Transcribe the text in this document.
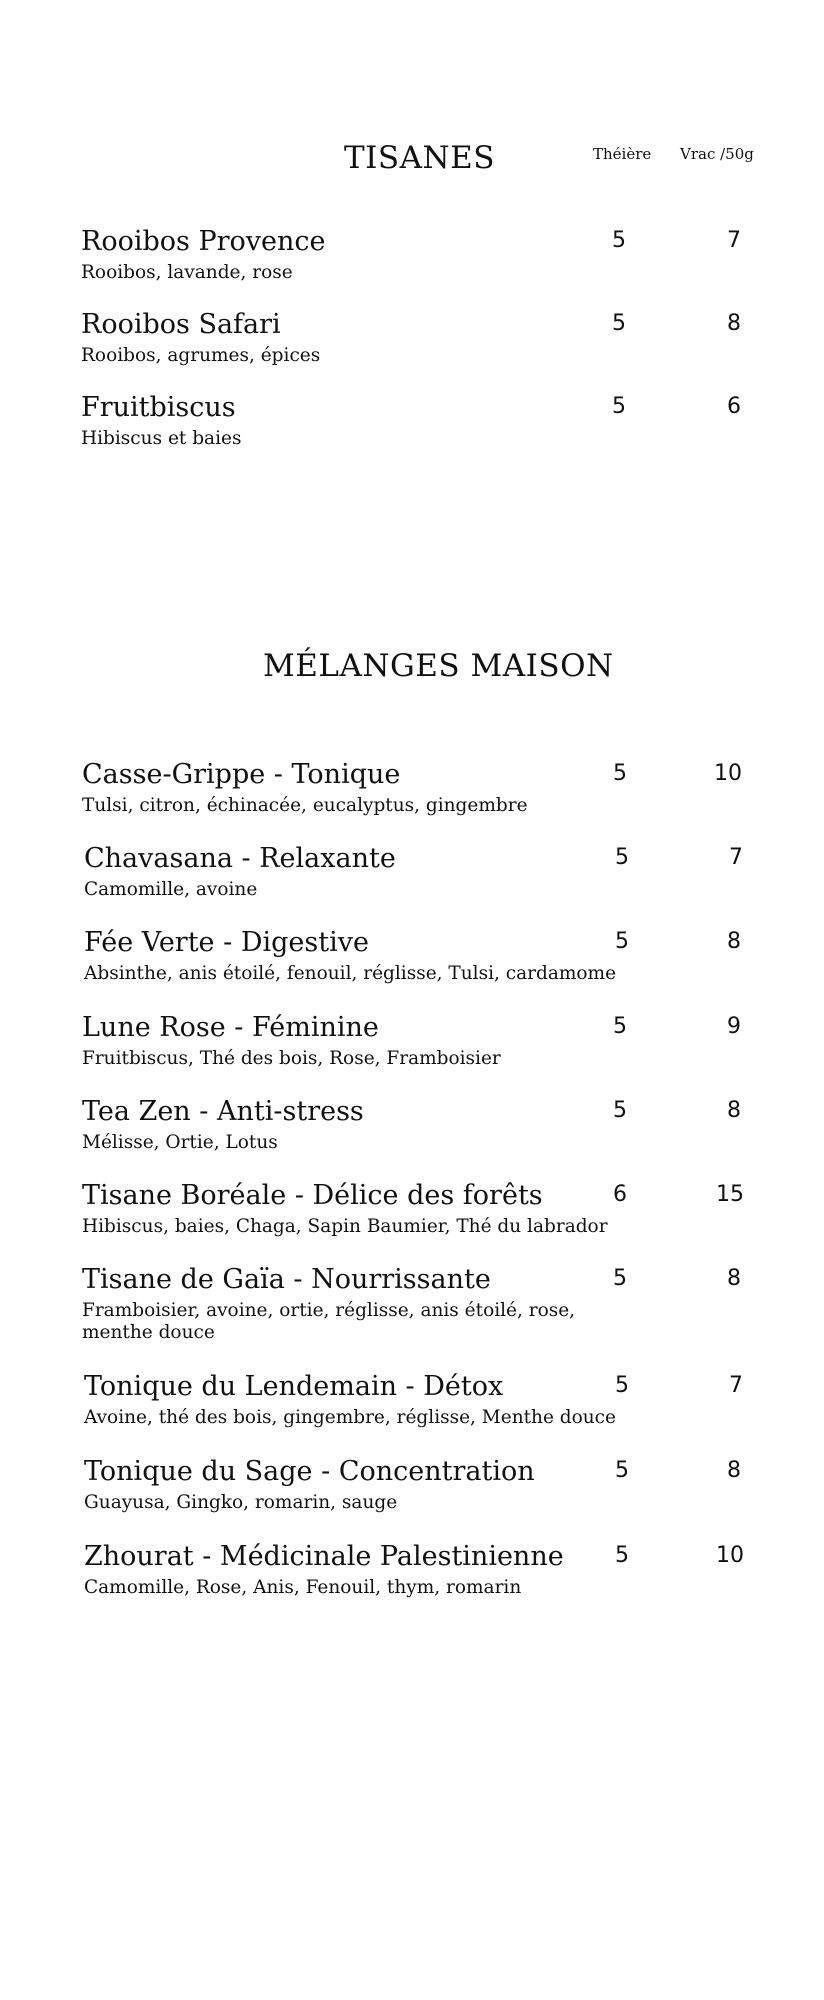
TISANES	Théière Vrac /50g
Rooibos Provence
Rooibos, lavande, rose
5	7
Rooibos Safari
Rooibos, agrumes, épices
5	8
Fruitbiscus
Hibiscus et baies
5	6
MÉLANGES MAISON
Casse-Grippe - Tonique
Tulsi, citron, échinacée, eucalyptus, gingembre
5	10
Chavasana - Relaxante
Camomille, avoine
5	7
Fée Verte - Digestive
Absinthe, anis étoilé, fenouil, réglisse, Tulsi, cardamome
5	8
Lune Rose - Féminine
Fruitbiscus, Thé des bois, Rose, Framboisier
5	9
Tea Zen - Anti-stress
Mélisse, Ortie, Lotus
5	8
Tisane Boréale - Délice des forêts
Hibiscus, baies, Chaga, Sapin Baumier, Thé du labrador
6	15
Tisane de Gaïa - Nourrissante
Framboisier, avoine, ortie, réglisse, anis étoilé, rose, menthe douce
5	8
Tonique du Lendemain - Détox
Avoine, thé des bois, gingembre, réglisse, Menthe douce
5	7
Tonique du Sage - Concentration
Guayusa, Gingko, romarin, sauge
5	8
Zhourat - Médicinale Palestinienne
Camomille, Rose, Anis, Fenouil, thym, romarin
5	10
